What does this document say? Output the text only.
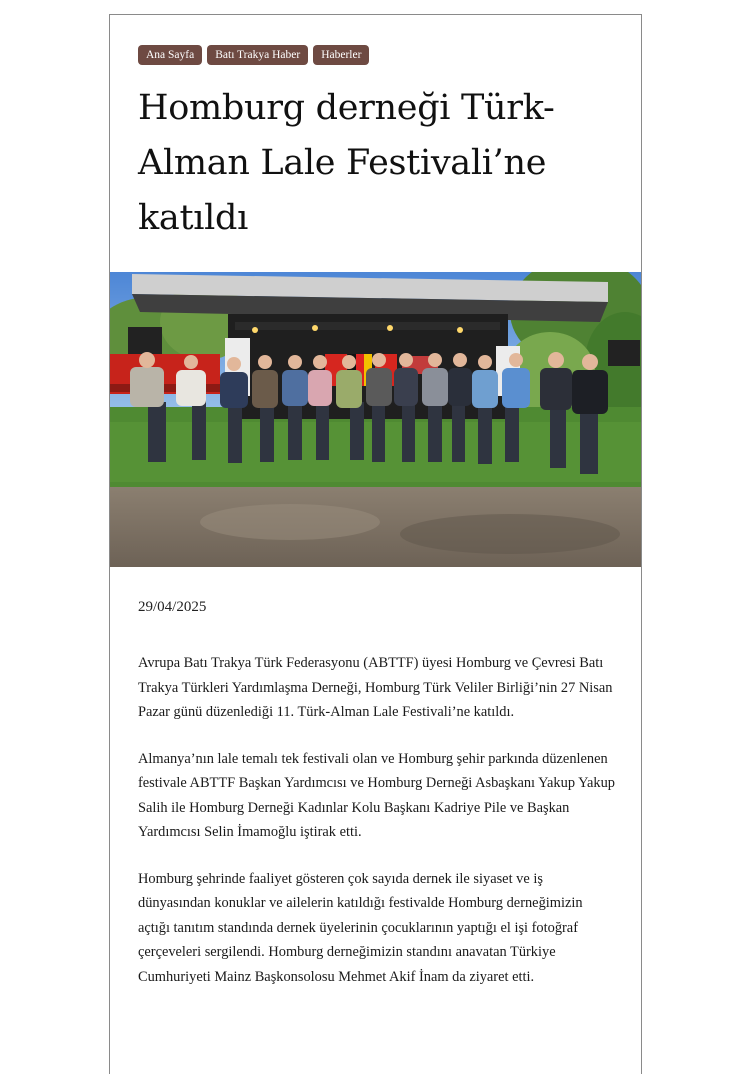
Ana Sayfa	Batı Trakya Haber	Haberler
Homburg derneği Türk-Alman Lale Festivali’ne katıldı
29/04/2025

Avrupa Batı Trakya Türk Federasyonu (ABTTF) üyesi Homburg ve Çevresi Batı Trakya Türkleri Yardımlaşma Derneği, Homburg Türk Veliler Birliği’nin 27 Nisan Pazar günü düzenlediği 11. Türk-Alman Lale Festivali’ne katıldı.

Almanya’nın lale temalı tek festivali olan ve Homburg şehir parkında düzenlenen festivale ABTTF Başkan Yardımcısı ve Homburg Derneği Asbaşkanı Yakup Yakup Salih ile Homburg Derneği Kadınlar Kolu Başkanı Kadriye Pile ve Başkan Yardımcısı Selin İmamoğlu iştirak etti.

Homburg şehrinde faaliyet gösteren çok sayıda dernek ile siyaset ve iş dünyasından konuklar ve ailelerin katıldığı festivalde Homburg derneğimizin açtığı tanıtım standında dernek üyelerinin çocuklarının yaptığı el işi fotoğraf çerçeveleri sergilendi. Homburg derneğimizin standını anavatan Türkiye Cumhuriyeti Mainz Başkonsolosu Mehmet Akif İnam da ziyaret etti.
